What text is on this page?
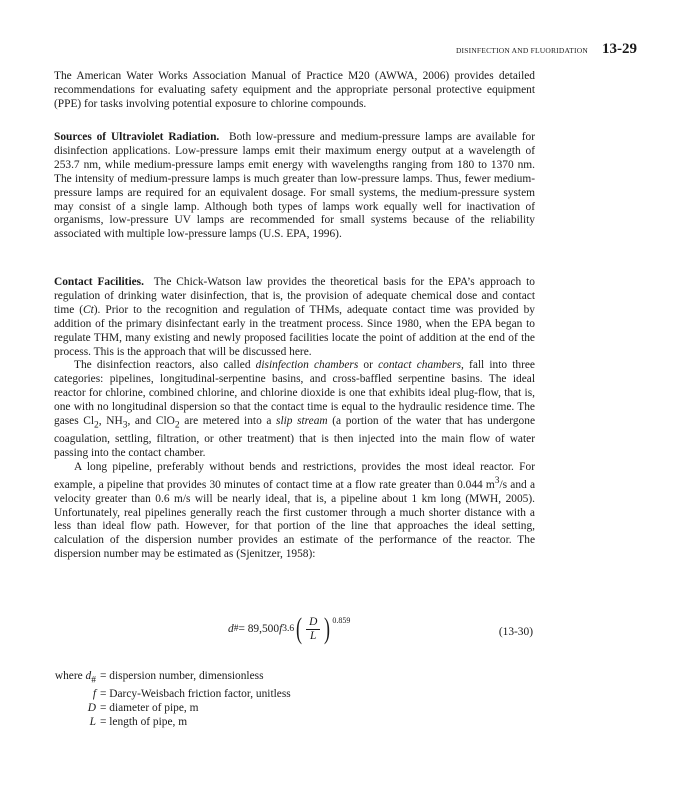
DISINFECTION AND FLUORIDATION 13-29

The American Water Works Association Manual of Practice M20 (AWWA, 2006) provides detailed recommendations for evaluating safety equipment and the appropriate personal protective equipment (PPE) for tasks involving potential exposure to chlorine compounds.

Sources of Ultraviolet Radiation. Both low-pressure and medium-pressure lamps are available for disinfection applications. Low-pressure lamps emit their maximum energy output at a wavelength of 253.7 nm, while medium-pressure lamps emit energy with wavelengths ranging from 180 to 1370 nm. The intensity of medium-pressure lamps is much greater than low-pressure lamps. Thus, fewer medium-pressure lamps are required for an equivalent dosage. For small systems, the medium-pressure system may consist of a single lamp. Although both types of lamps work equally well for inactivation of organisms, low-pressure UV lamps are recommended for small systems because of the reliability associated with multiple low-pressure lamps (U.S. EPA, 1996).

Contact Facilities. The Chick-Watson law provides the theoretical basis for the EPA’s approach to regulation of drinking water disinfection, that is, the provision of adequate chemical dose and contact time (Ct). Prior to the recognition and regulation of THMs, adequate contact time was provided by addition of the primary disinfectant early in the treatment process. Since 1980, when the EPA began to regulate THM, many existing and newly proposed facilities locate the point of addition at the end of the process. This is the approach that will be discussed here.

The disinfection reactors, also called disinfection chambers or contact chambers, fall into three categories: pipelines, longitudinal-serpentine basins, and cross-baffled serpentine basins. The ideal reactor for chlorine, combined chlorine, and chlorine dioxide is one that exhibits ideal plug-flow, that is, one with no longitudinal dispersion so that the contact time is equal to the hydraulic residence time. The gases $Cl_2$, $NH_3$, and ClO$_2$ are metered into a slip stream (a portion of the water that has undergone coagulation, settling, filtration, or other treatment) that is then injected into the main flow of water passing into the contact chamber.

A long pipeline, preferably without bends and restrictions, provides the most ideal reactor. For example, a pipeline that provides 30 minutes of contact time at a flow rate greater than 0.044 $m^3/s$ and a velocity greater than 0.6 m/s will be nearly ideal, that is, a pipeline about 1 km long (MWH, 2005). Unfortunately, real pipelines generally reach the first customer through a much shorter distance with a less than ideal flow path. However, for that portion of the line that approaches the ideal setting, calculation of the dispersion number provides an estimate of the performance of the reactor. The dispersion number may be estimated as (Sjenitzer, 1958):

d # = 89,500 f 3.6 ( $\frac{D}{L}$ ) $^{0.859}$
(13-30)
where $d_{\#}$ = dispersion number, dimensionless
f = Darcy-Weisbach friction factor, unitless
D = diameter of pipe, m
L = length of pipe, m
